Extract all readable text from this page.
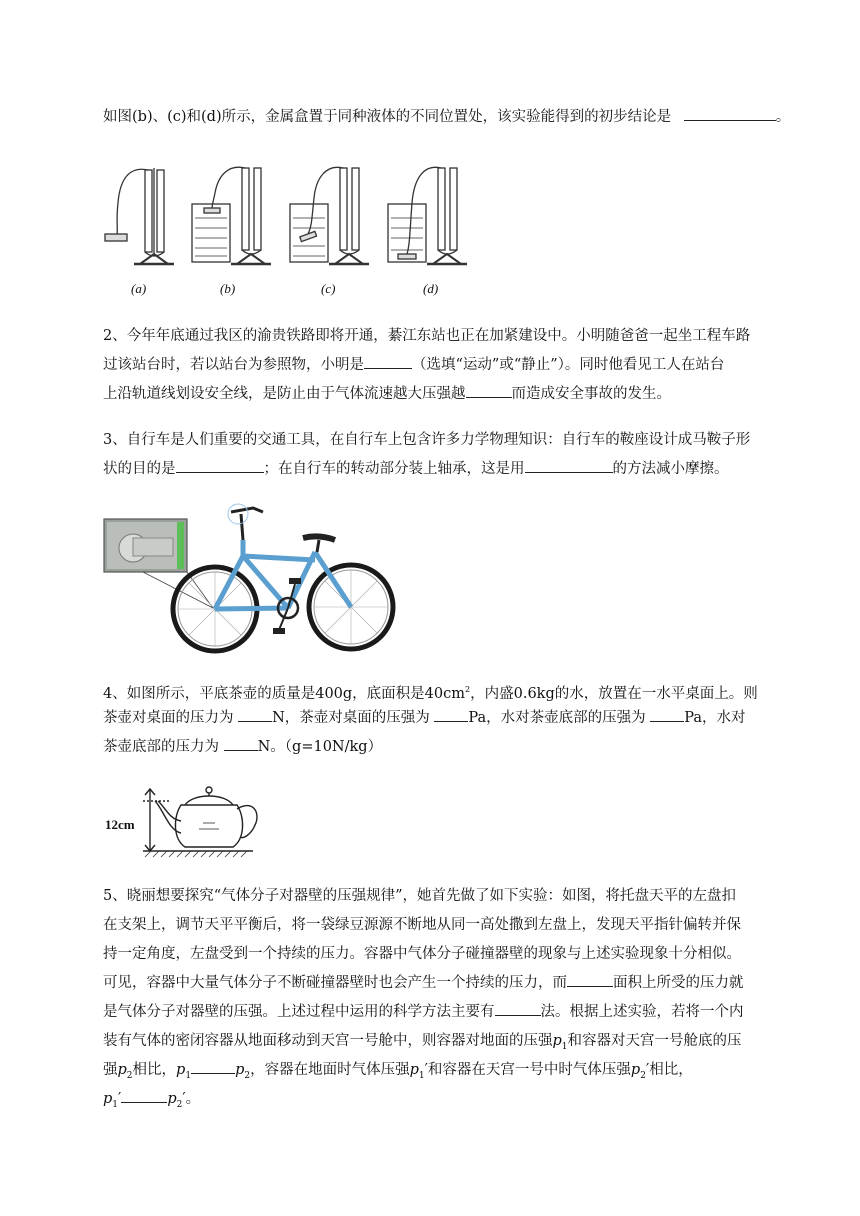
如图(b)、(c)和(d)所示，金属盒置于同种液体的不同位置处，该实验能得到的初步结论是	。
(a)	(b)	(c)	(d)
2、今年年底通过我区的渝贵铁路即将开通，綦江东站也正在加紧建设中。小明随爸爸一起坐工程车路
过该站台时，若以站台为参照物，小明是	（选填“运动”或“静止”）。同时他看见工人在站台
上沿轨道线划设安全线，是防止由于气体流速越大压强越	而造成安全事故的发生。
3、自行车是人们重要的交通工具，在自行车上包含许多力学物理知识：自行车的鞍座设计成马鞍子形
状的目的是	；在自行车的转动部分装上轴承，这是用	的方法减小摩擦。
4、如图所示，平底茶壶的质量是400g，底面积是$40cm^2$，内盛0.6kg的水，放置在一水平桌面上。则
茶壶对桌面的压力为 N，茶壶对桌面的压强为 Pa，水对茶壶底部的压强为 Pa，水对
茶壶底部的压力为 N。（g=10N/kg）
12cm
5、晓丽想要探究“气体分子对器壁的压强规律”，她首先做了如下实验：如图，将托盘天平的左盘扣
在支架上，调节天平平衡后，将一袋绿豆源源不断地从同一高处撒到左盘上，发现天平指针偏转并保
持一定角度，左盘受到一个持续的压力。容器中气体分子碰撞器壁的现象与上述实验现象十分相似。
可见，容器中大量气体分子不断碰撞器壁时也会产生一个持续的压力，而	面积上所受的压力就
是气体分子对器壁的压强。上述过程中运用的科学方法主要有	法。根据上述实验，若将一个内
装有气体的密闭容器从地面移动到天宫一号舱中，则容器对地面的压强$p_1$和容器对天宫一号舱底的压
强$p_2$相比，$p_1$	$p_2$，容器在地面时气体压强$p_1'$和容器在天宫一号中时气体压强$p_2'$相比，
$p_1'$	$p_2'$。
